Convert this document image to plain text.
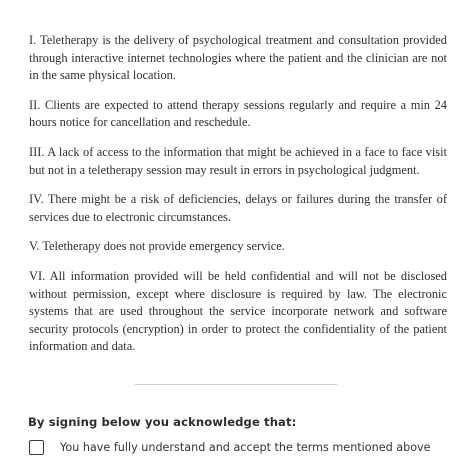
I. Teletherapy is the delivery of psychological treatment and consultation provided through interactive internet technologies where the patient and the clinician are not in the same physical location.

II. Clients are expected to attend therapy sessions regularly and require a min 24 hours notice for cancellation and reschedule.

III. A lack of access to the information that might be achieved in a face to face visit but not in a teletherapy session may result in errors in psychological judgment.

IV. There might be a risk of deficiencies, delays or failures during the transfer of services due to electronic circumstances.

V. Teletherapy does not provide emergency service.

VI. All information provided will be held confidential and will not be disclosed without permission, except where disclosure is required by law. The electronic systems that are used throughout the service incorporate network and software security protocols (encryption) in order to protect the confidentiality of the patient information and data.

By signing below you acknowledge that:
You have fully understand and accept the terms mentioned above
